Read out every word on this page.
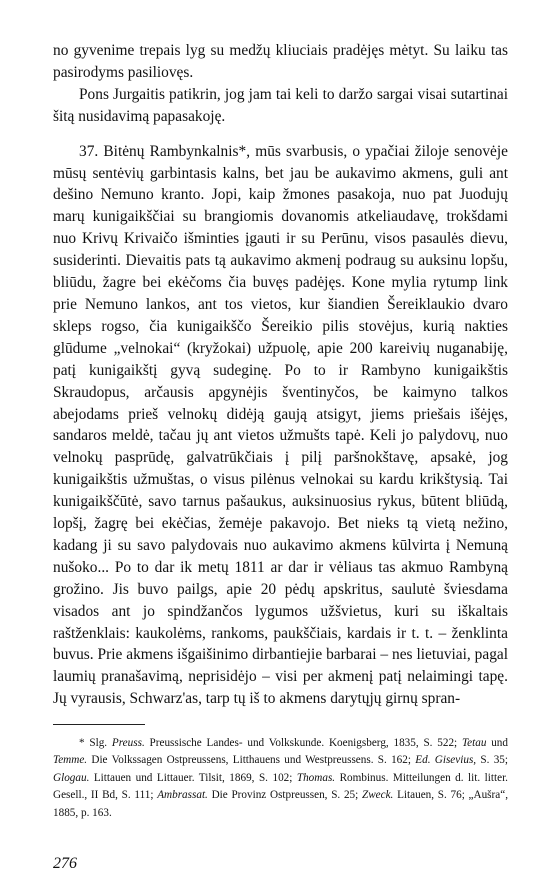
no gyvenime trepais lyg su medžų kliuciais pradėjęs mėtyt. Su laiku tas pasirodyms pasiliovęs.

Pons Jurgaitis patikrin, jog jam tai keli to daržo sargai visai sutartinai šitą nusidavimą papasakoję.

37. Bitėnų Rambynkalnis*, mūs svarbusis, o ypačiai žiloje senovėje mūsų sentėvių garbintasis kalns, bet jau be aukavimo akmens, guli ant dešino Nemuno kranto. Jopi, kaip žmones pasakoja, nuo pat Juodujų marų kunigaikščiai su brangiomis dovanomis atkeliaudavę, trokšdami nuo Krivų Krivaičo išminties įgauti ir su Perūnu, visos pasaulės dievu, susiderinti. Dievaitis pats tą aukavimo akmenį podraug su auksinu lopšu, bliūdu, žagre bei ekėčoms čia buvęs padėjęs. Kone mylia rytump link prie Nemuno lankos, ant tos vietos, kur šiandien Šereiklaukio dvaro skleps rogso, čia kunigaikščo Šereikio pilis stovėjus, kurią nakties glūdume „velnokai“ (kryžokai) užpuolę, apie 200 kareivių nuganabiję, patį kunigaikštį gyvą sudeginę. Po to ir Rambyno kunigaikštis Skraudopus, arčausis apgynėjis šventinyčos, be kaimyno talkos abejodams prieš velnokų didėją gaują atsigyt, jiems priešais išėjęs, sandaros meldė, tačau jų ant vietos užmušts tapė. Keli jo palydovų, nuo velnokų pasprūdę, galvatrūkčiais į pilį paršnokštavę, apsakė, jog kunigaikštis užmuštas, o visus pilėnus velnokai su kardu krikštysią. Tai kunigaikščūtė, savo tarnus pašaukus, auksinuosius rykus, būtent bliūdą, lopšį, žagrę bei ekėčias, žemėje pakavojo. Bet nieks tą vietą nežino, kadang ji su savo palydovais nuo aukavimo akmens kūlvirta į Nemuną nušoko... Po to dar ik metų 1811 ar dar ir vėliaus tas akmuo Rambyną grožino. Jis buvo pailgs, apie 20 pėdų apskritus, saulutė šviesdama visados ant jo spindžančos lygumos užšvietus, kuri su iškaltais raštženklais: kaukolėms, rankoms, paukščiais, kardais ir t. t. – ženklinta buvus. Prie akmens išgaišinimo dirbantiejie barbarai – nes lietuviai, pagal laumių pranašavimą, neprisidėjo – visi per akmenį patį nelaimingi tapę. Jų vyrausis, Schwarz'as, tarp tų iš to akmens darytųjų girnų spran-

* Slg. Preuss. Preussische Landes- und Volkskunde. Koenigsberg, 1835, S. 522; Tetau und Temme. Die Volkssagen Ostpreussens, Litthauens und Westpreussens. S. 162; Ed. Gisevius, S. 35; Glogau. Littauen und Littauer. Tilsit, 1869, S. 102; Thomas. Rombinus. Mitteilungen d. lit. litter. Gesell., II Bd, S. 111; Ambrassat. Die Provinz Ostpreussen, S. 25; Zweck. Litauen, S. 76; „Aušra“, 1885, p. 163.
276
